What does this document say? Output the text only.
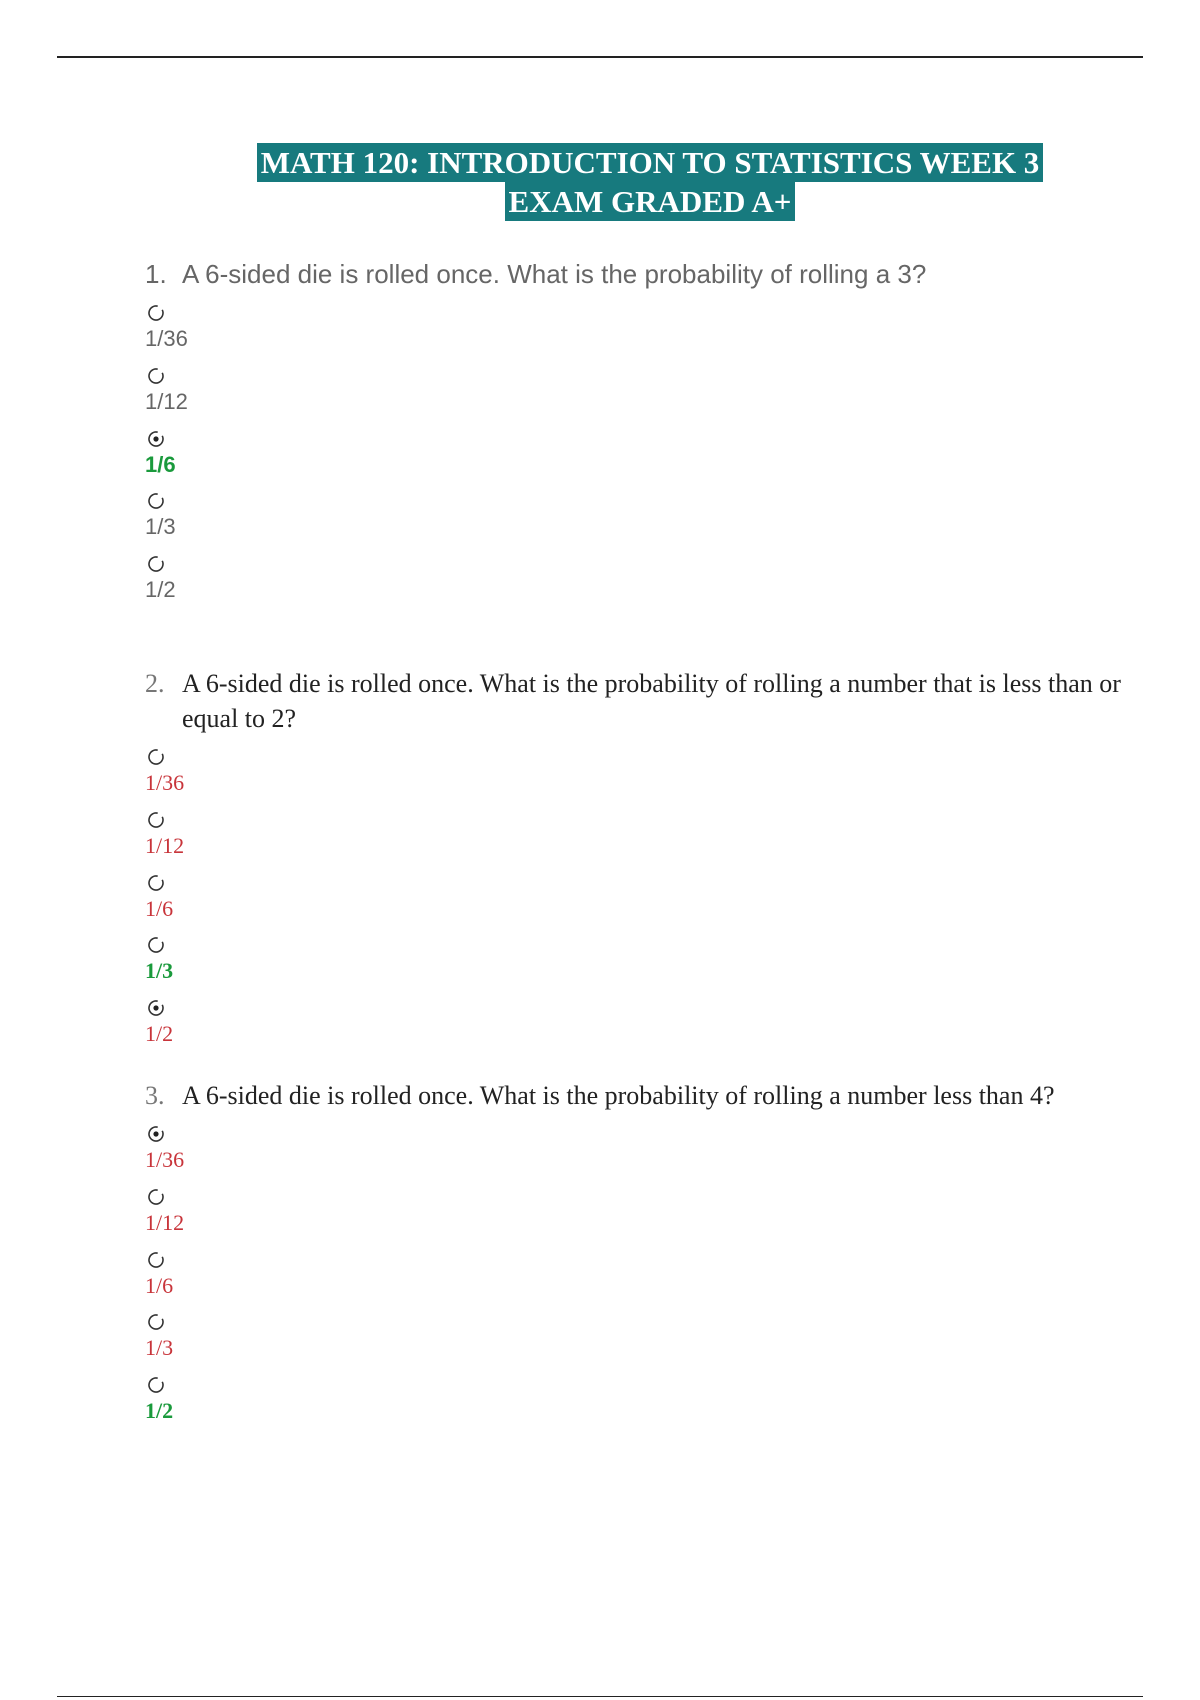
MATH 120: INTRODUCTION TO STATISTICS WEEK 3
EXAM GRADED A+
1. A 6-sided die is rolled once. What is the probability of rolling a 3?
1/36
1/12
1/6
1/3
1/2
2. A 6-sided die is rolled once. What is the probability of rolling a number that is less than or equal to 2?
1/36
1/12
1/6
1/3
1/2
3. A 6-sided die is rolled once. What is the probability of rolling a number less than 4?
1/36
1/12
1/6
1/3
1/2
